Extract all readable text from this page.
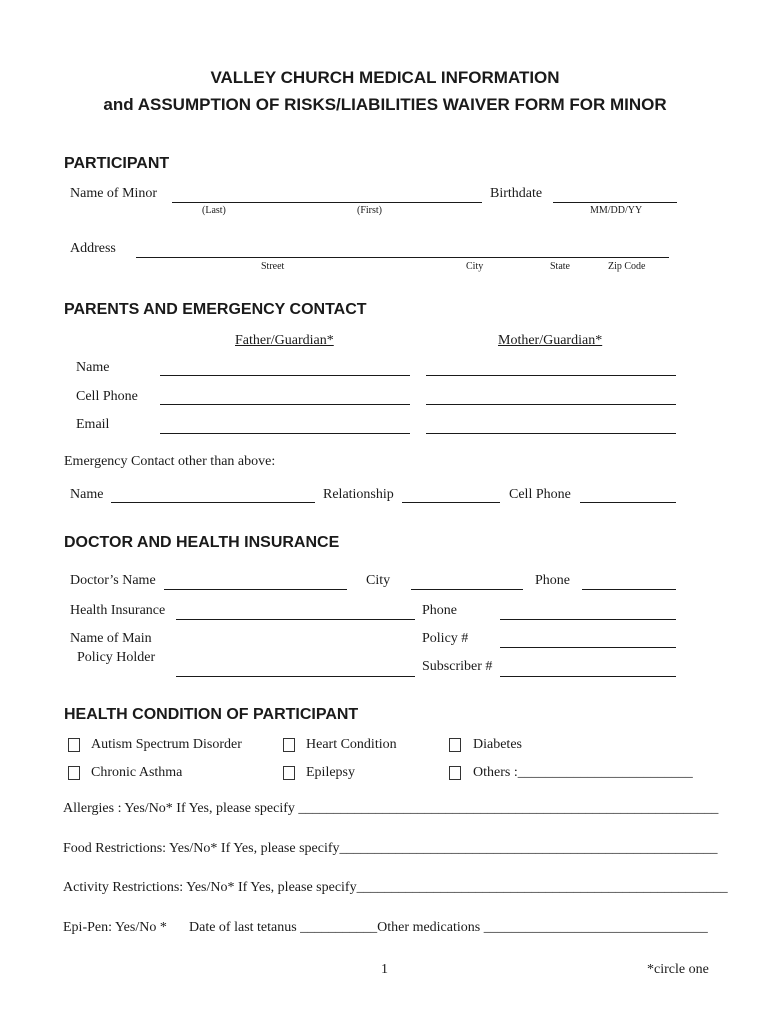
VALLEY CHURCH MEDICAL INFORMATION
and ASSUMPTION OF RISKS/LIABILITIES WAIVER FORM FOR MINOR
PARTICIPANT
Name of Minor
(Last)	(First)
Birthdate
MM/DD/YY
Address
Street	City	State	Zip Code
PARENTS AND EMERGENCY CONTACT
Father/Guardian*	Mother/Guardian*
Name
Cell Phone
Email
Emergency Contact other than above:
Name	Relationship	Cell Phone
DOCTOR AND HEALTH INSURANCE
Doctor’s Name	City	Phone
Health Insurance	Phone
Name of Main
Policy Holder
Policy #
Subscriber #
HEALTH CONDITION OF PARTICIPANT
Autism Spectrum Disorder	Heart Condition	Diabetes
Chronic Asthma	Epilepsy	Others :_________________________
Allergies : Yes/No* If Yes, please specify ____________________________________________________________
Food Restrictions: Yes/No* If Yes, please specify______________________________________________________
Activity Restrictions: Yes/No* If Yes, please specify_____________________________________________________
Epi-Pen: Yes/No * Date of last tetanus ___________Other medications ________________________________
1	*circle one
